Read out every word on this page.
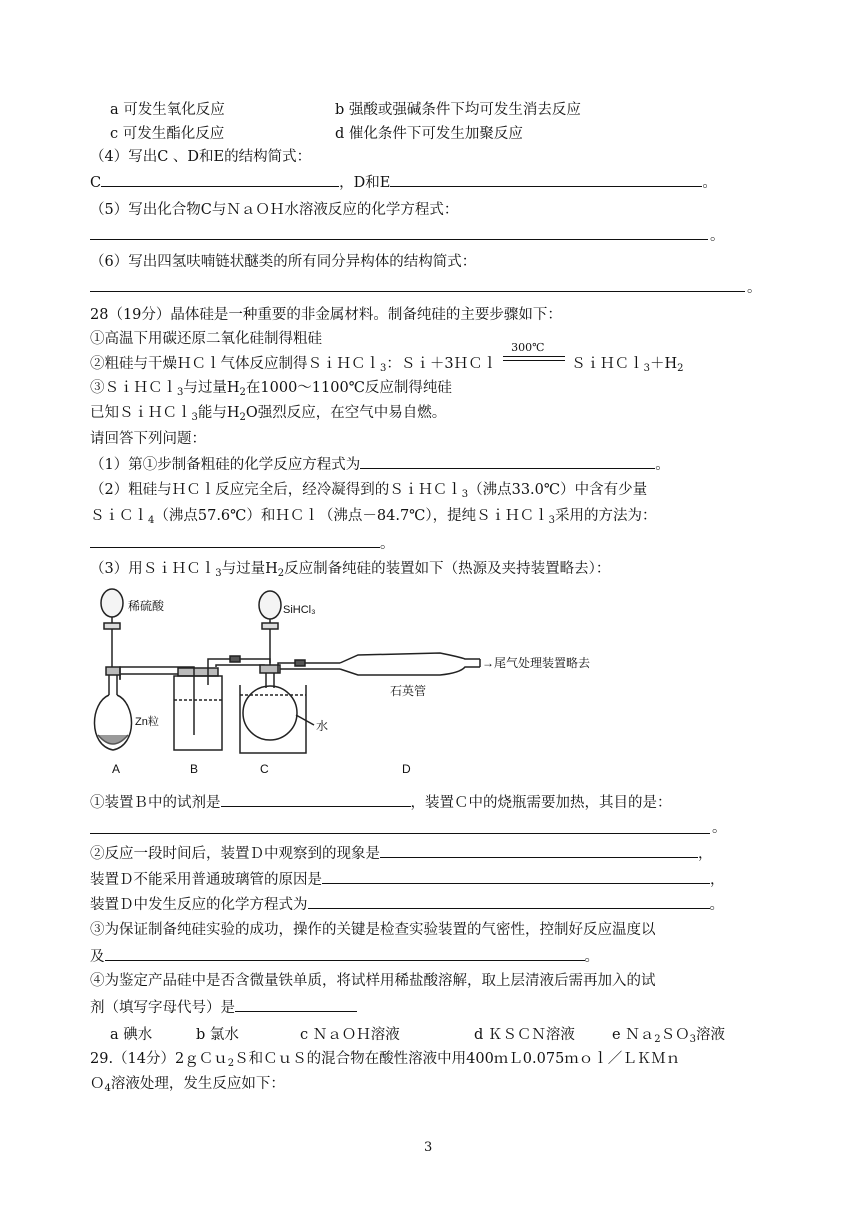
a 可发生氧化反应	b 强酸或强碱条件下均可发生消去反应
c 可发生酯化反应	d 催化条件下可发生加聚反应
（4）写出C 、D和E的结构简式：
C	，D和E	。
（5）写出化合物C与ＮａＯＨ水溶液反应的化学方程式：
。
（6）写出四氢呋喃链状醚类的所有同分异构体的结构简式：
。
28（19分）晶体硅是一种重要的非金属材料。制备纯硅的主要步骤如下：
①高温下用碳还原二氧化硅制得粗硅
②粗硅与干燥ＨＣｌ气体反应制得ＳｉＨＣｌ$_3$：Ｓｉ＋3ＨＣｌ
300℃
$SiHCl_3+H_2$
③ＳｉＨＣｌ$_3$与过量$H_2$在1000～1100℃反应制得纯硅
已知ＳｉＨＣｌ$_3$能与$H_2O$强烈反应，在空气中易自燃。
请回答下列问题：
（1）第①步制备粗硅的化学反应方程式为	。
（2）粗硅与ＨＣｌ反应完全后，经冷凝得到的ＳｉＨＣｌ$_3$（沸点33.0℃）中含有少量
ＳｉＣｌ$_4$（沸点57.6℃）和ＨＣｌ（沸点－84.7℃），提纯ＳｉＨＣｌ$_3$采用的方法为：
。
（3）用ＳｉＨＣｌ$_3$与过量$H_2$反应制备纯硅的装置如下（热源及夹持装置略去）：
稀硫酸
Zn粒
SiHCl₃
水
石英管
→尾气处理装置略去
A	B	C	D
①装置Ｂ中的试剂是	，装置Ｃ中的烧瓶需要加热，其目的是：
。
②反应一段时间后，装置Ｄ中观察到的现象是	，
装置Ｄ不能采用普通玻璃管的原因是	，
装置Ｄ中发生反应的化学方程式为	。
③为保证制备纯硅实验的成功，操作的关键是检查实验装置的气密性，控制好反应温度以
及	。
④为鉴定产品硅中是否含微量铁单质，将试样用稀盐酸溶解，取上层清液后需再加入的试
剂（填写字母代号）是
a 碘水	b 氯水	c ＮａＯＨ溶液	d ＫＳＣＮ溶液	e Ｎａ$_2$ＳＯ$_3$溶液
29.（14分）2ｇＣｕ$_2$Ｓ和ＣｕＳ的混合物在酸性溶液中用400ｍＬ0.075ｍｏｌ／ＬＫＭｎ
Ｏ$_4$溶液处理，发生反应如下：
3
